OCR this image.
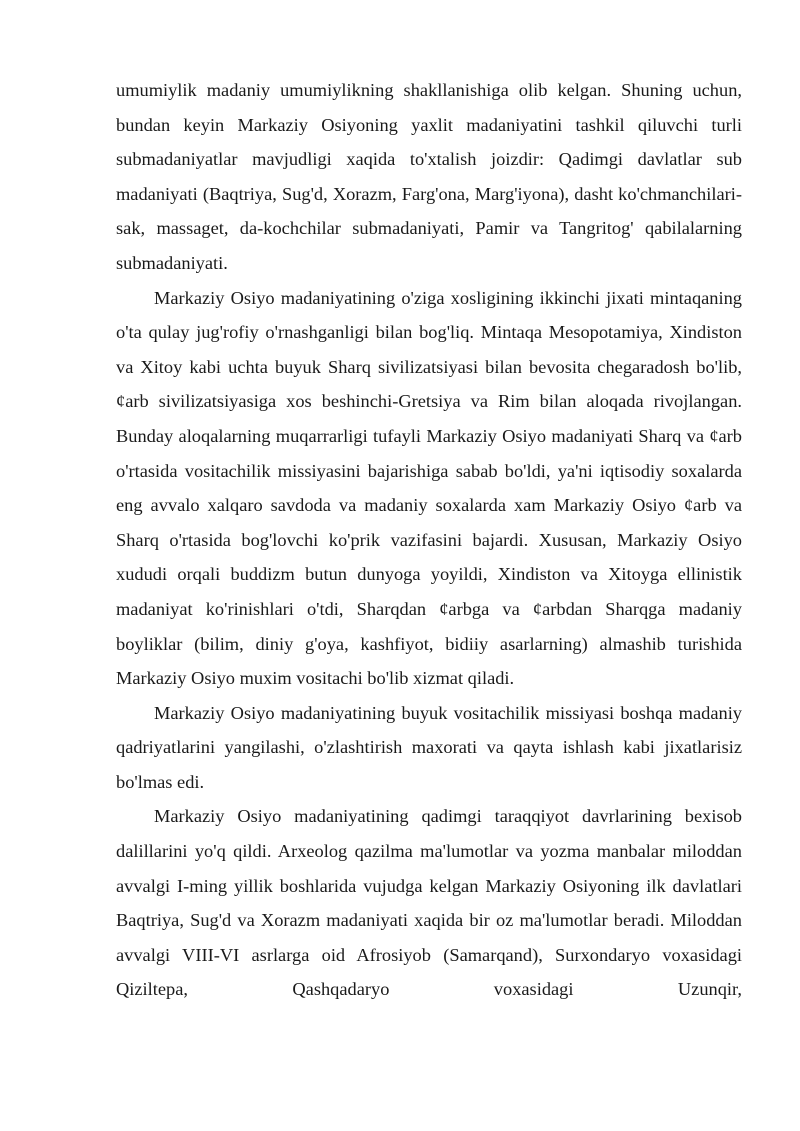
umumiylik madaniy umumiylikning shakllanishiga olib kelgan. Shuning uchun, bundan keyin Markaziy Osiyoning yaxlit madaniyatini tashkil qiluvchi turli submadaniyatlar mavjudligi xaqida to'xtalish joizdir: Qadimgi davlatlar sub madaniyati (Baqtriya, Sug'd, Xorazm, Farg'ona, Marg'iyona), dasht ko'chmanchilari-sak, massaget, da-kochchilar submadaniyati, Pamir va Tangritog' qabilalarning submadaniyati.

Markaziy Osiyo madaniyatining o'ziga xosligining ikkinchi jixati mintaqaning o'ta qulay jug'rofiy o'rnashganligi bilan bog'liq. Mintaqa Mesopotamiya, Xindiston va Xitoy kabi uchta buyuk Sharq sivilizatsiyasi bilan bevosita chegaradosh bo'lib, ¢arb sivilizatsiyasiga xos beshinchi-Gretsiya va Rim bilan aloqada rivojlangan. Bunday aloqalarning muqarrarligi tufayli Markaziy Osiyo madaniyati Sharq va ¢arb o'rtasida vositachilik missiyasini bajarishiga sabab bo'ldi, ya'ni iqtisodiy soxalarda eng avvalo xalqaro savdoda va madaniy soxalarda xam Markaziy Osiyo ¢arb va Sharq o'rtasida bog'lovchi ko'prik vazifasini bajardi. Xususan, Markaziy Osiyo xududi orqali buddizm butun dunyoga yoyildi, Xindiston va Xitoyga ellinistik madaniyat ko'rinishlari o'tdi, Sharqdan ¢arbga va ¢arbdan Sharqga madaniy boyliklar (bilim, diniy g'oya, kashfiyot, bidiiy asarlarning) almashib turishida Markaziy Osiyo muxim vositachi bo'lib xizmat qiladi.

Markaziy Osiyo madaniyatining buyuk vositachilik missiyasi boshqa madaniy qadriyatlarini yangilashi, o'zlashtirish maxorati va qayta ishlash kabi jixatlarisiz bo'lmas edi.

Markaziy Osiyo madaniyatining qadimgi taraqqiyot davrlarining bexisob dalillarini yo'q qildi. Arxeolog qazilma ma'lumotlar va yozma manbalar miloddan avvalgi I-ming yillik boshlarida vujudga kelgan Markaziy Osiyoning ilk davlatlari Baqtriya, Sug'd va Xorazm madaniyati xaqida bir oz ma'lumotlar beradi. Miloddan avvalgi VIII-VI asrlarga oid Afrosiyob (Samarqand), Surxondaryo voxasidagi Qiziltepa, Qashqadaryo voxasidagi Uzunqir,
